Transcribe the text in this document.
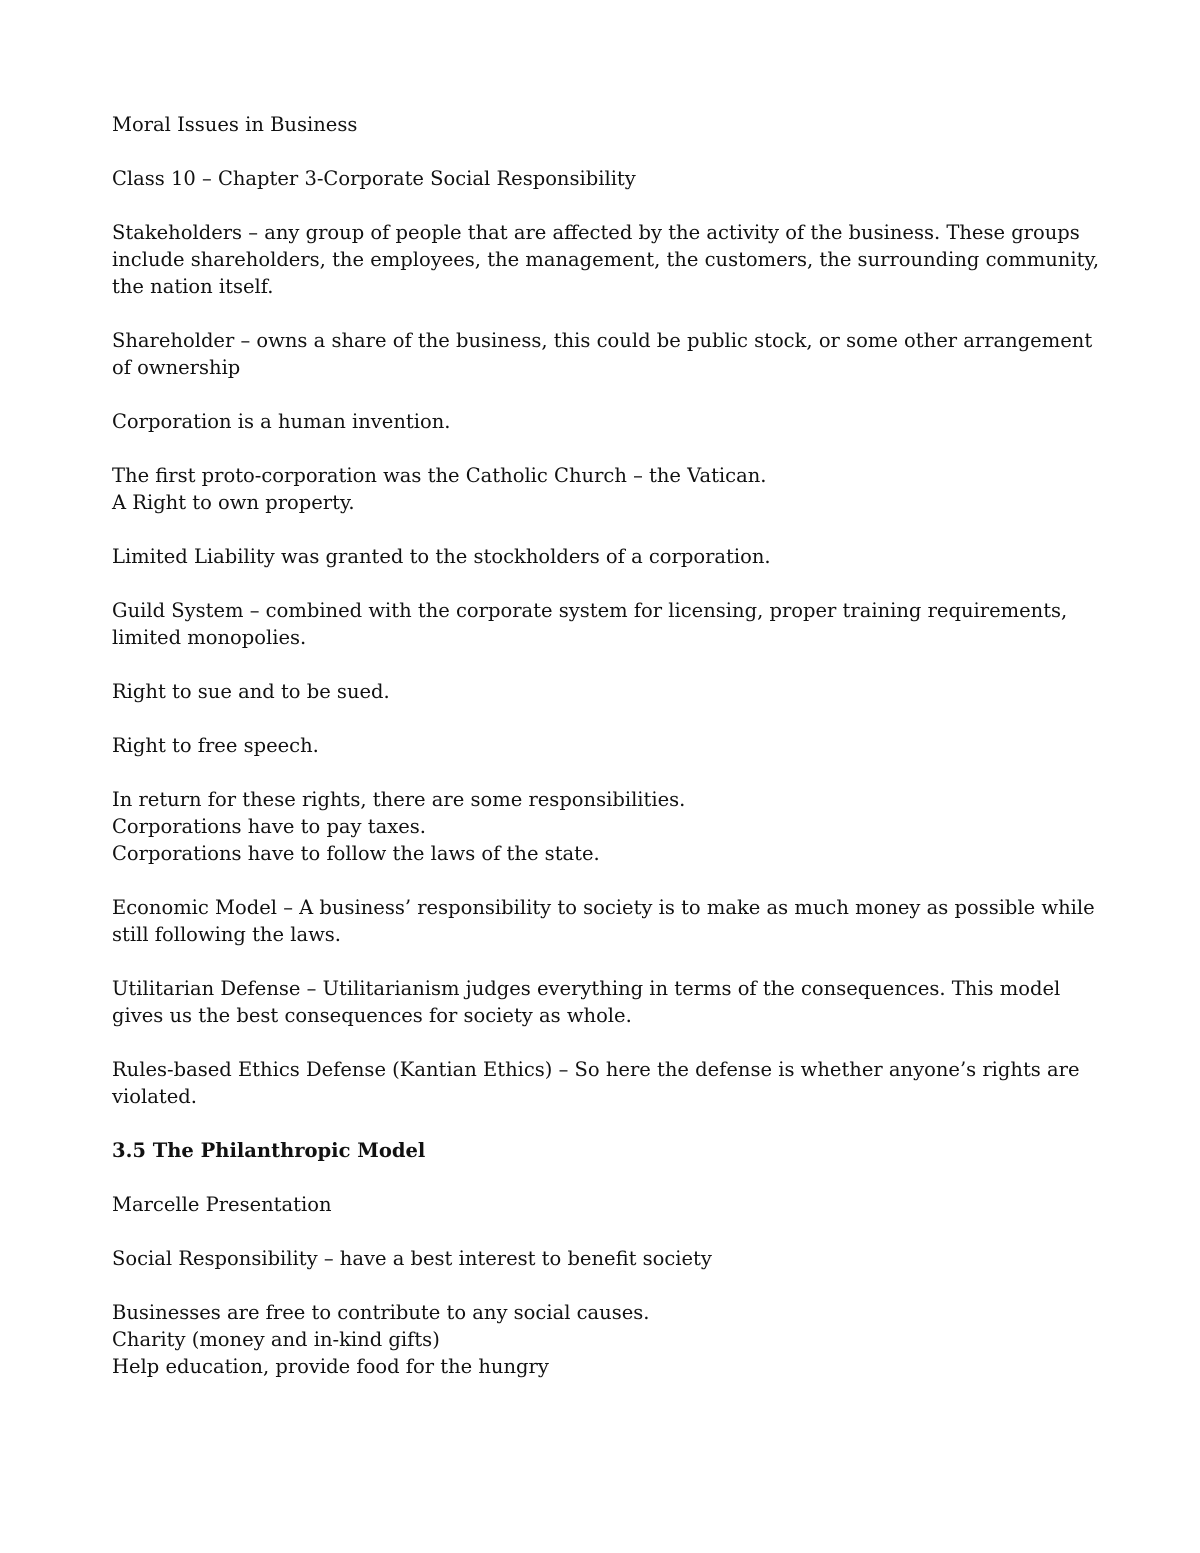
Moral Issues in Business

Class 10 – Chapter 3-Corporate Social Responsibility

Stakeholders – any group of people that are affected by the activity of the business. These groups include shareholders, the employees, the management, the customers, the surrounding community, the nation itself.

Shareholder – owns a share of the business, this could be public stock, or some other arrangement of ownership

Corporation is a human invention.

The first proto-corporation was the Catholic Church – the Vatican.

A Right to own property.

Limited Liability was granted to the stockholders of a corporation.

Guild System – combined with the corporate system for licensing, proper training requirements, limited monopolies.

Right to sue and to be sued.

Right to free speech.

In return for these rights, there are some responsibilities.

Corporations have to pay taxes.

Corporations have to follow the laws of the state.

Economic Model – A business’ responsibility to society is to make as much money as possible while still following the laws.

Utilitarian Defense – Utilitarianism judges everything in terms of the consequences. This model gives us the best consequences for society as whole.

Rules-based Ethics Defense (Kantian Ethics) – So here the defense is whether anyone’s rights are violated.

3.5 The Philanthropic Model

Marcelle Presentation

Social Responsibility – have a best interest to benefit society

Businesses are free to contribute to any social causes.

Charity (money and in-kind gifts)

Help education, provide food for the hungry
